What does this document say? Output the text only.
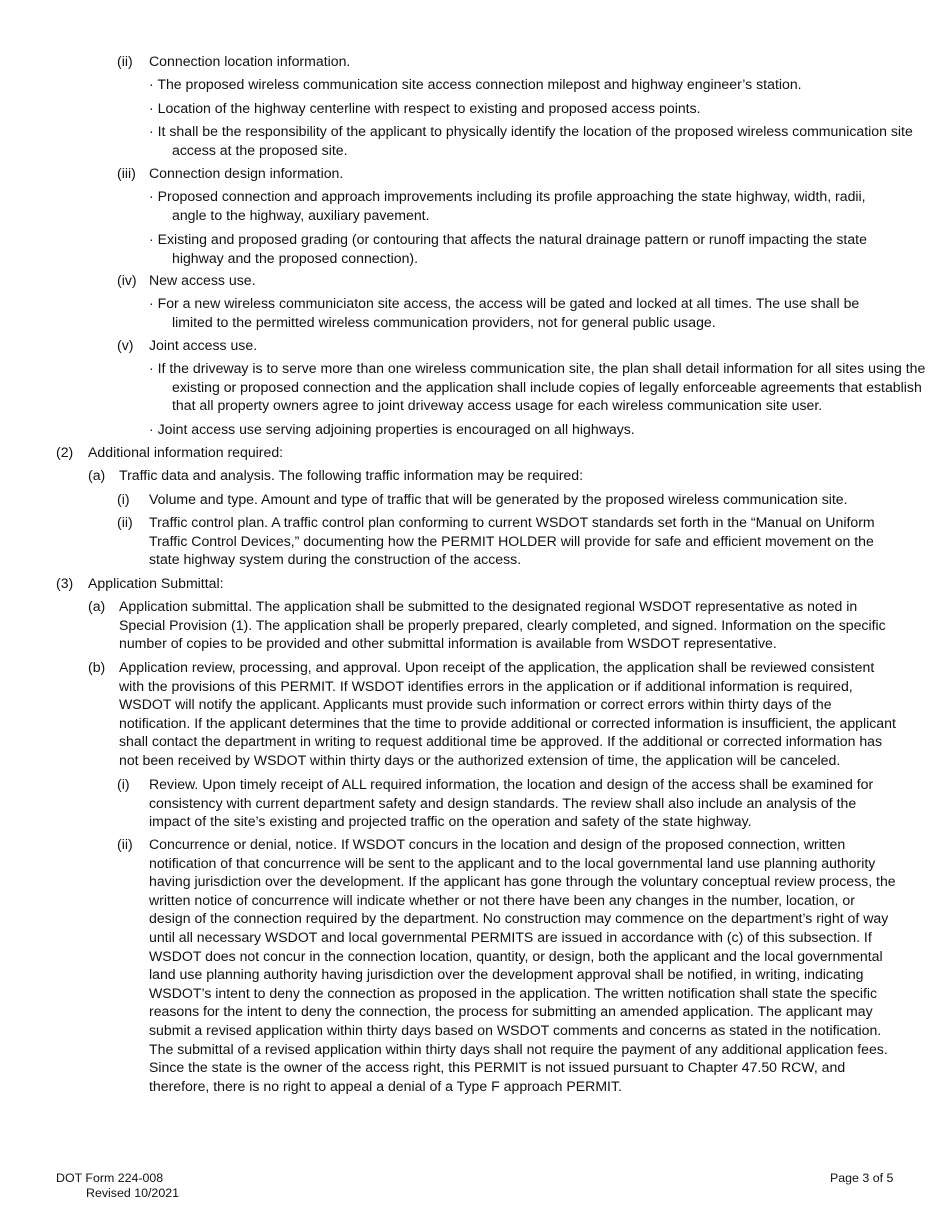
(ii) Connection location information.
· The proposed wireless communication site access connection milepost and highway engineer’s station.
· Location of the highway centerline with respect to existing and proposed access points.
· It shall be the responsibility of the applicant to physically identify the location of the proposed wireless communication site access at the proposed site.
(iii) Connection design information.
· Proposed connection and approach improvements including its profile approaching the state highway, width, radii, angle to the highway, auxiliary pavement.
· Existing and proposed grading (or contouring that affects the natural drainage pattern or runoff impacting the state highway and the proposed connection).
(iv) New access use.
· For a new wireless communiciaton site access, the access will be gated and locked at all times. The use shall be limited to the permitted wireless communication providers, not for general public usage.
(v) Joint access use.
· If the driveway is to serve more than one wireless communication site, the plan shall detail information for all sites using the existing or proposed connection and the application shall include copies of legally enforceable agreements that establish that all property owners agree to joint driveway access usage for each wireless communication site user.
· Joint access use serving adjoining properties is encouraged on all highways.
(2) Additional information required:
(a) Traffic data and analysis. The following traffic information may be required:
(i) Volume and type. Amount and type of traffic that will be generated by the proposed wireless communication site.
(ii) Traffic control plan. A traffic control plan conforming to current WSDOT standards set forth in the “Manual on Uniform Traffic Control Devices,” documenting how the PERMIT HOLDER will provide for safe and efficient movement on the state highway system during the construction of the access.
(3) Application Submittal:
(a) Application submittal. The application shall be submitted to the designated regional WSDOT representative as noted in Special Provision (1). The application shall be properly prepared, clearly completed, and signed. Information on the specific number of copies to be provided and other submittal information is available from WSDOT representative.
(b) Application review, processing, and approval. Upon receipt of the application, the application shall be reviewed consistent with the provisions of this PERMIT. If WSDOT identifies errors in the application or if additional information is required, WSDOT will notify the applicant. Applicants must provide such information or correct errors within thirty days of the notification. If the applicant determines that the time to provide additional or corrected information is insufficient, the applicant shall contact the department in writing to request additional time be approved. If the additional or corrected information has not been received by WSDOT within thirty days or the authorized extension of time, the application will be canceled.
(i) Review. Upon timely receipt of ALL required information, the location and design of the access shall be examined for consistency with current department safety and design standards. The review shall also include an analysis of the impact of the site’s existing and projected traffic on the operation and safety of the state highway.
(ii) Concurrence or denial, notice. If WSDOT concurs in the location and design of the proposed connection, written notification of that concurrence will be sent to the applicant and to the local governmental land use planning authority having jurisdiction over the development. If the applicant has gone through the voluntary conceptual review process, the written notice of concurrence will indicate whether or not there have been any changes in the number, location, or design of the connection required by the department. No construction may commence on the department’s right of way until all necessary WSDOT and local governmental PERMITS are issued in accordance with (c) of this subsection. If WSDOT does not concur in the connection location, quantity, or design, both the applicant and the local governmental land use planning authority having jurisdiction over the development approval shall be notified, in writing, indicating WSDOT’s intent to deny the connection as proposed in the application. The written notification shall state the specific reasons for the intent to deny the connection, the process for submitting an amended application. The applicant may submit a revised application within thirty days based on WSDOT comments and concerns as stated in the notification. The submittal of a revised application within thirty days shall not require the payment of any additional application fees. Since the state is the owner of the access right, this PERMIT is not issued pursuant to Chapter 47.50 RCW, and therefore, there is no right to appeal a denial of a Type F approach PERMIT.
DOT Form 224-008
Revised 10/2021
Page 3 of 5
